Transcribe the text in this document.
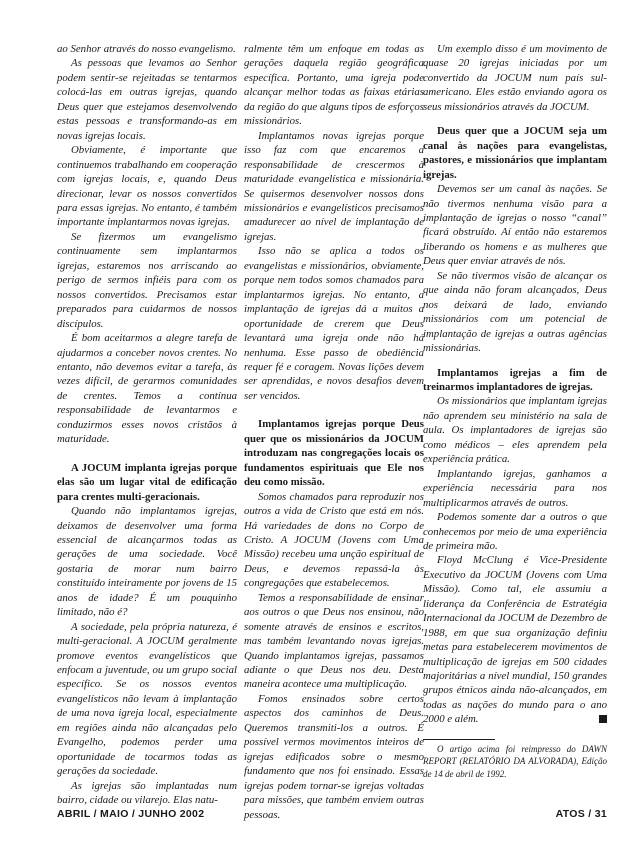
ao Senhor através do nosso evangelismo.

As pessoas que levamos ao Senhor podem sentir-se rejeitadas se tentarmos colocá-las em outras igrejas, quando Deus quer que estejamos desenvolvendo estas pessoas e transformando-as em novas igrejas locais.

Obviamente, é importante que continuemos trabalhando em cooperação com igrejas locais, e, quando Deus direcionar, levar os nossos convertidos para essas igrejas. No entanto, é também importante implantarmos novas igrejas.

Se fizermos um evangelismo continuamente sem implantarmos igrejas, estaremos nos arriscando ao perigo de sermos infiéis para com os nossos convertidos. Precisamos estar preparados para cuidarmos de nossos discípulos.

É bom aceitarmos a alegre tarefa de ajudarmos a conceber novos crentes. No entanto, não devemos evitar a tarefa, às vezes difícil, de gerarmos comunidades de crentes. Temos a contínua responsabilidade de levantarmos e conduzirmos esses novos cristãos à maturidade.

A JOCUM implanta igrejas porque elas são um lugar vital de edificação para crentes multi-geracionais.

Quando não implantamos igrejas, deixamos de desenvolver uma forma essencial de alcançarmos todas as gerações de uma sociedade. Você gostaria de morar num bairro constituído inteiramente por jovens de 15 anos de idade? É um pouquinho limitado, não é?

A sociedade, pela própria natureza, é multi-geracional. A JOCUM geralmente promove eventos evangelísticos que enfocam a juventude, ou um grupo social específico. Se os nossos eventos evangelísticos não levam à implantação de uma nova igreja local, especialmente em regiões ainda não alcançadas pelo Evangelho, podemos perder uma oportunidade de tocarmos todas as gerações da sociedade.

As igrejas são implantadas num bairro, cidade ou vilarejo. Elas natu-

ralmente têm um enfoque em todas as gerações daquela região geográfica específica. Portanto, uma igreja pode alcançar melhor todas as faixas etárias da região do que alguns tipos de esforços missionários.

Implantamos novas igrejas porque isso faz com que encaremos a responsabilidade de crescermos à maturidade evangelística e missionária. Se quisermos desenvolver nossos dons missionários e evangelísticos precisamos amadurecer ao nível de implantação de igrejas.

Isso não se aplica a todos os evangelistas e missionários, obviamente, porque nem todos somos chamados para implantarmos igrejas. No entanto, a implantação de igrejas dá a muitos a oportunidade de crerem que Deus levantará uma igreja onde não há nenhuma. Esse passo de obediência requer fé e coragem. Novas lições devem ser aprendidas, e novos desafios devem ser vencidos.

Implantamos igrejas porque Deus quer que os missionários da JOCUM introduzam nas congregações locais os fundamentos espirituais que Ele nos deu como missão.

Somos chamados para reproduzir nos outros a vida de Cristo que está em nós. Há variedades de dons no Corpo de Cristo. A JOCUM (Jovens com Uma Missão) recebeu uma unção espiritual de Deus, e devemos repassá-la às congregações que estabelecemos.

Temos a responsabilidade de ensinar aos outros o que Deus nos ensinou, não somente através de ensinos e escritos, mas também levantando novas igrejas. Quando implantamos igrejas, passamos adiante o que Deus nos deu. Desta maneira acontece uma multiplicação.

Fomos ensinados sobre certos aspectos dos caminhos de Deus. Queremos transmiti-los a outros. É possível vermos movimentos inteiros de igrejas edificados sobre o mesmo fundamento que nos foi ensinado. Essas igrejas podem tornar-se igrejas voltadas para missões, que também enviem outras pessoas.

Um exemplo disso é um movimento de quase 20 igrejas iniciadas por um convertido da JOCUM num país sul-americano. Eles estão enviando agora os seus missionários através da JOCUM.

Deus quer que a JOCUM seja um canal às nações para evangelistas, pastores, e missionários que implantam igrejas.

Devemos ser um canal às nações. Se não tivermos nenhuma visão para a implantação de igrejas o nosso “canal” ficará obstruído. Aí então não estaremos liberando os homens e as mulheres que Deus quer enviar através de nós.

Se não tivermos visão de alcançar os que ainda não foram alcançados, Deus nos deixará de lado, enviando missionários com um potencial de implantação de igrejas a outras agências missionárias.

Implantamos igrejas a fim de treinarmos implantadores de igrejas.

Os missionários que implantam igrejas não aprendem seu ministério na sala de aula. Os implantadores de igrejas são como médicos – eles aprendem pela experiência prática.

Implantando igrejas, ganhamos a experiência necessária para nos multiplicarmos através de outros.

Podemos somente dar a outros o que conhecemos por meio de uma experiência de primeira mão.

Floyd McClung é Vice-Presidente Executivo da JOCUM (Jovens com Uma Missão). Como tal, ele assumiu a liderança da Conferência de Estratégia Internacional da JOCUM de Dezembro de 1988, em que sua organização definiu metas para estabelecerem movimentos de multiplicação de igrejas em 500 cidades majoritárias a nível mundial, 150 grandes grupos étnicos ainda não-alcançados, em todas as nações do mundo para o ano 2000 e além.

O artigo acima foi reimpresso do DAWN REPORT (RELATÓRIO DA ALVORADA), Edição de 14 de abril de 1992.

ABRIL / MAIO / JUNHO 2002	ATOS / 31
